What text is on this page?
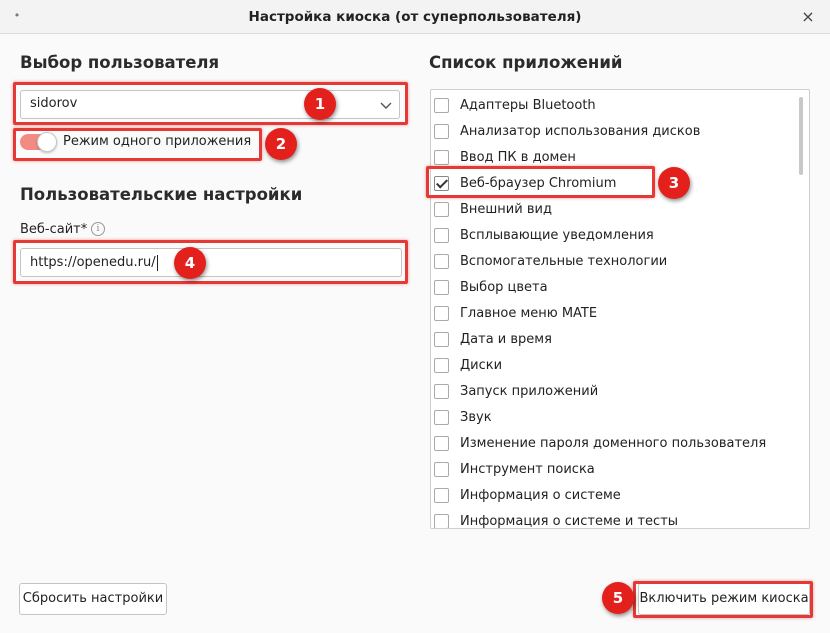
•	Настройка киоска (от суперпользователя)	×
Выбор пользователя
sidorov
Режим одного приложения
Пользовательские настройки
Веб-сайт*	i
https://openedu.ru/
Список приложений
Адаптеры Bluetooth
Анализатор использования дисков
Ввод ПК в домен
Веб-браузер Chromium
Внешний вид
Всплывающие уведомления
Вспомогательные технологии
Выбор цвета
Главное меню MATE
Дата и время
Диски
Запуск приложений
Звук
Изменение пароля доменного пользователя
Инструмент поиска
Информация о системе
Информация о системе и тесты
Сбросить настройки	Включить режим киоска
1
2
3
4
5
